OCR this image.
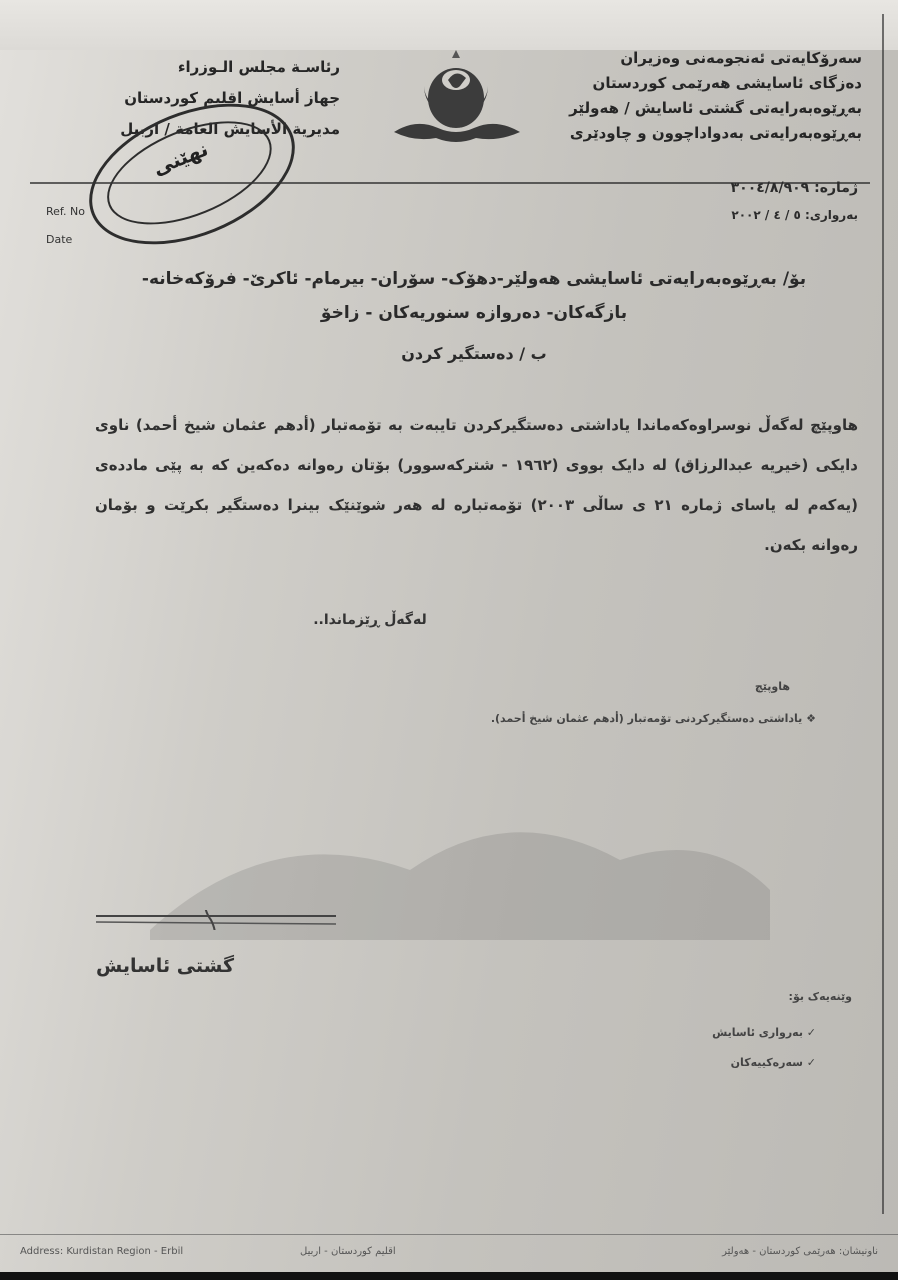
سەرۆکایەتی ئەنجومەنی وەزیران
دەزگای ئاسایشی هەرێمی کوردستان
بەڕێوەبەرایەتی گشتی ئاسایش / هەولێر
بەڕێوەبەرایەتی بەدواداچوون و چاودێری
رئاسـة مجلس الـوزراء
جهاز أسايش اقليم كوردستان
مديرية الأسايش العامة / اربيل
نهێنی
Ref. No
Date
ژمارە: ٣٠٠٤/٨/٩٠٩
بەرواری: ٥ / ٤ / ٢٠٠٢
بۆ/ بەڕێوەبەرایەتی ئاسایشی هەولێر-دهۆک- سۆران- بیرمام- ئاکرێ- فرۆکەخانە-
بازگەکان- دەروازە سنوریەکان - زاخۆ
ب / دەستگیر کردن
هاوپێچ لەگەڵ نوسراوەکەماندا یاداشتی دەستگیرکردن تایبەت بە تۆمەتبار (أدهم عثمان شيخ أحمد) ناوی دایکی (خیریە عبدالرزاق) لە دایک بووی (١٩٦٢ - شترکەسوور) بۆتان رەوانە دەکەین کە بە پێی ماددەی (یەکەم لە یاسای ژمارە ٢١ ی ساڵی ٢٠٠٣) تۆمەتبارە لە هەر شوێنێک بینرا دەستگیر بکرێت و بۆمان رەوانە بکەن.
لەگەڵ ڕێزماندا..
هاوپێچ
❖ یاداشتی دەستگیرکردنی تۆمەتبار (أدهم عثمان شيخ أحمد).
گشتی ئاسایش
وێنەیەک بۆ:
✓ بەرواری ئاسایش
✓ سەرەکییەکان
Address: Kurdistan Region - Erbil	اقليم كوردستان - اربيل	ناونیشان: هەرێمی کوردستان - هەولێر
